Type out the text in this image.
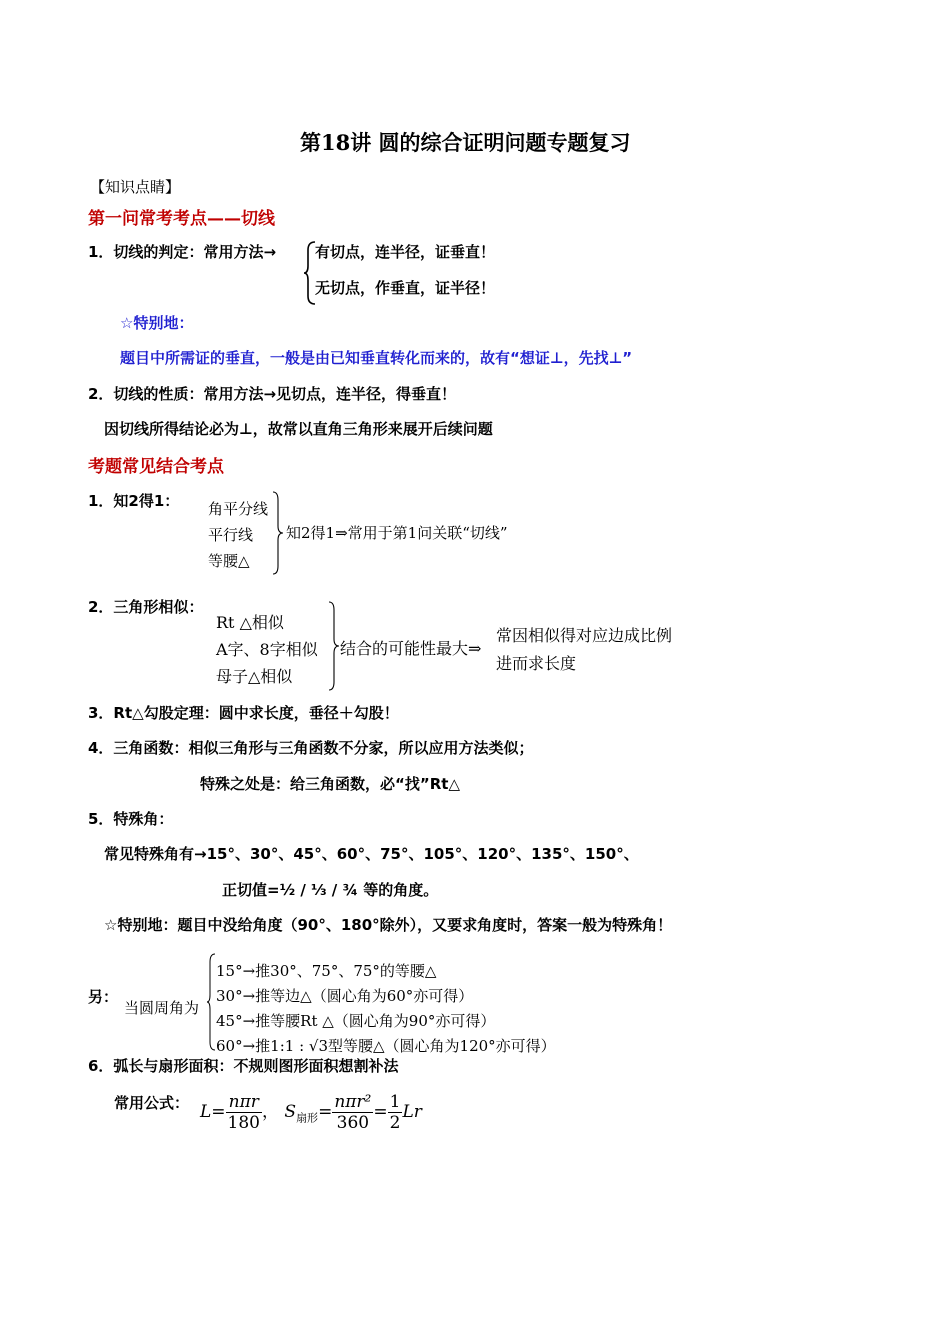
第18讲 圆的综合证明问题专题复习
【知识点睛】
第一问常考考点——切线
1．切线的判定：常用方法→	有切点，连半径，证垂直！
无切点，作垂直，证半径！
☆特别地：
题目中所需证的垂直，一般是由已知垂直转化而来的，故有“想证⊥，先找⊥”
2．切线的性质：常用方法→见切点，连半径，得垂直！
因切线所得结论必为⊥，故常以直角三角形来展开后续问题
考题常见结合考点
1．知2得1： 角平分线
平行线
等腰△
知2得1⇒常用于第1问关联“切线”
2．三角形相似：
Rt △相似
A字、8字相似
母子△相似
结合的可能性最大⇒
常因相似得对应边成比例
进而求长度
3．Rt△勾股定理：圆中求长度，垂径＋勾股！
4．三角函数：相似三角形与三角函数不分家，所以应用方法类似；
特殊之处是：给三角函数，必“找”Rt△
5．特殊角：
常见特殊角有→15°、30°、45°、60°、75°、105°、120°、135°、150°、
正切值=½ / ⅓ / ¾ 等的角度。
☆特别地：题目中没给角度（90°、180°除外），又要求角度时，答案一般为特殊角！
另：
当圆周角为
15°→推30°、75°、75°的等腰△
30°→推等边△（圆心角为60°亦可得）
45°→推等腰Rt △（圆心角为90°亦可得）
60°→推1:1 : √3型等腰△（圆心角为120°亦可得）
6．弧长与扇形面积：不规则图形面积想割补法
常用公式： $L= \frac{\text{nπr}}{180}$ ， $S_{扇形}= \frac{\text{nπr²}}{360} = \frac{1}{2}$ Lr
